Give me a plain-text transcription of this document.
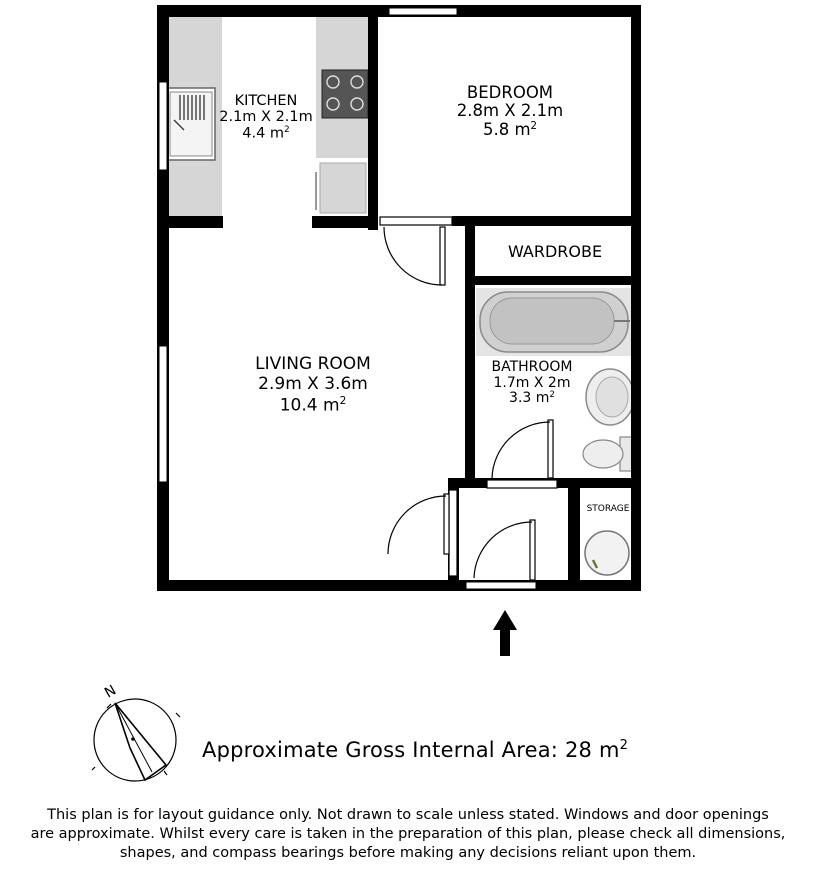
N
KITCHEN
2.1m X 2.1m
4.4 $m^2$
BEDROOM
2.8m X 2.1m
5.8 $m^2$
LIVING ROOM
2.9m X 3.6m
10.4 $m^2$
BATHROOM
1.7m X 2m
3.3 $m^2$
WARDROBE
STORAGE
Approximate Gross Internal Area: 28 $m^2$
This plan is for layout guidance only. Not drawn to scale unless stated. Windows and door openings
are approximate. Whilst every care is taken in the preparation of this plan, please check all dimensions,
shapes, and compass bearings before making any decisions reliant upon them.
